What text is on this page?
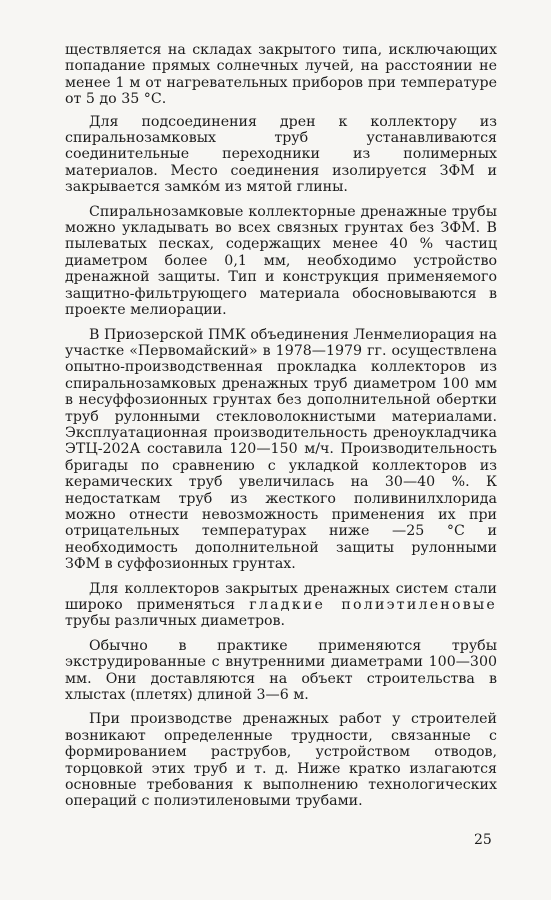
ществляется на складах закрытого типа, исключающих попадание прямых солнечных лучей, на расстоянии не менее 1 м от нагревательных приборов при температуре от 5 до 35 °С.

Для подсоединения дрен к коллектору из спиральнозамковых труб устанавливаются соединительные переходники из полимерных материалов. Место соединения изолируется ЗФМ и закрывается замко́м из мятой глины.

Спиральнозамковые коллекторные дренажные трубы можно укладывать во всех связных грунтах без ЗФМ. В пылеватых песках, содержащих менее 40 % частиц диаметром более 0,1 мм, необходимо устройство дренажной защиты. Тип и конструкция применяемого защитно-фильтрующего материала обосновываются в проекте мелиорации.

В Приозерской ПМК объединения Ленмелиорация на участке «Первомайский» в 1978—1979 гг. осуществлена опытно-производственная прокладка коллекторов из спиральнозамковых дренажных труб диаметром 100 мм в несуффозионных грунтах без дополнительной обертки труб рулонными стекловолокнистыми материалами. Эксплуатационная производительность дреноукладчика ЭТЦ-202А составила 120—150 м/ч. Производительность бригады по сравнению с укладкой коллекторов из керамических труб увеличилась на 30—40 %. К недостаткам труб из жесткого поливинилхлорида можно отнести невозможность применения их при отрицательных температурах ниже —25 °С и необходимость дополнительной защиты рулонными ЗФМ в суффозионных грунтах.

Для коллекторов закрытых дренажных систем стали широко применяться гладкие полиэтиленовые трубы различных диаметров.

Обычно в практике применяются трубы экструдированные с внутренними диаметрами 100—300 мм. Они доставляются на объект строительства в хлыстах (плетях) длиной 3—6 м.

При производстве дренажных работ у строителей возникают определенные трудности, связанные с формированием раструбов, устройством отводов, торцовкой этих труб и т. д. Ниже кратко излагаются основные требования к выполнению технологических операций с полиэтиленовыми трубами.

25
